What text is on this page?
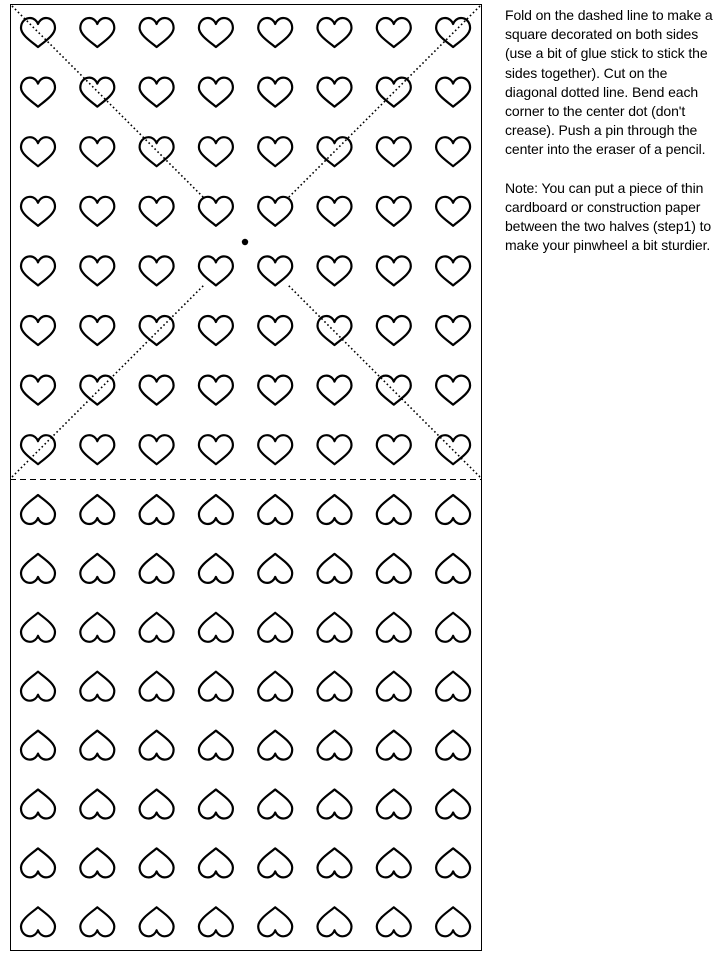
Fold on the dashed line to make a square decorated on both sides (use a bit of glue stick to stick the sides together). Cut on the diagonal dotted line. Bend each corner to the center dot (don't crease). Push a pin through the center into the eraser of a pencil.

Note: You can put a piece of thin cardboard or construction paper between the two halves (step1) to make your pinwheel a bit sturdier.
